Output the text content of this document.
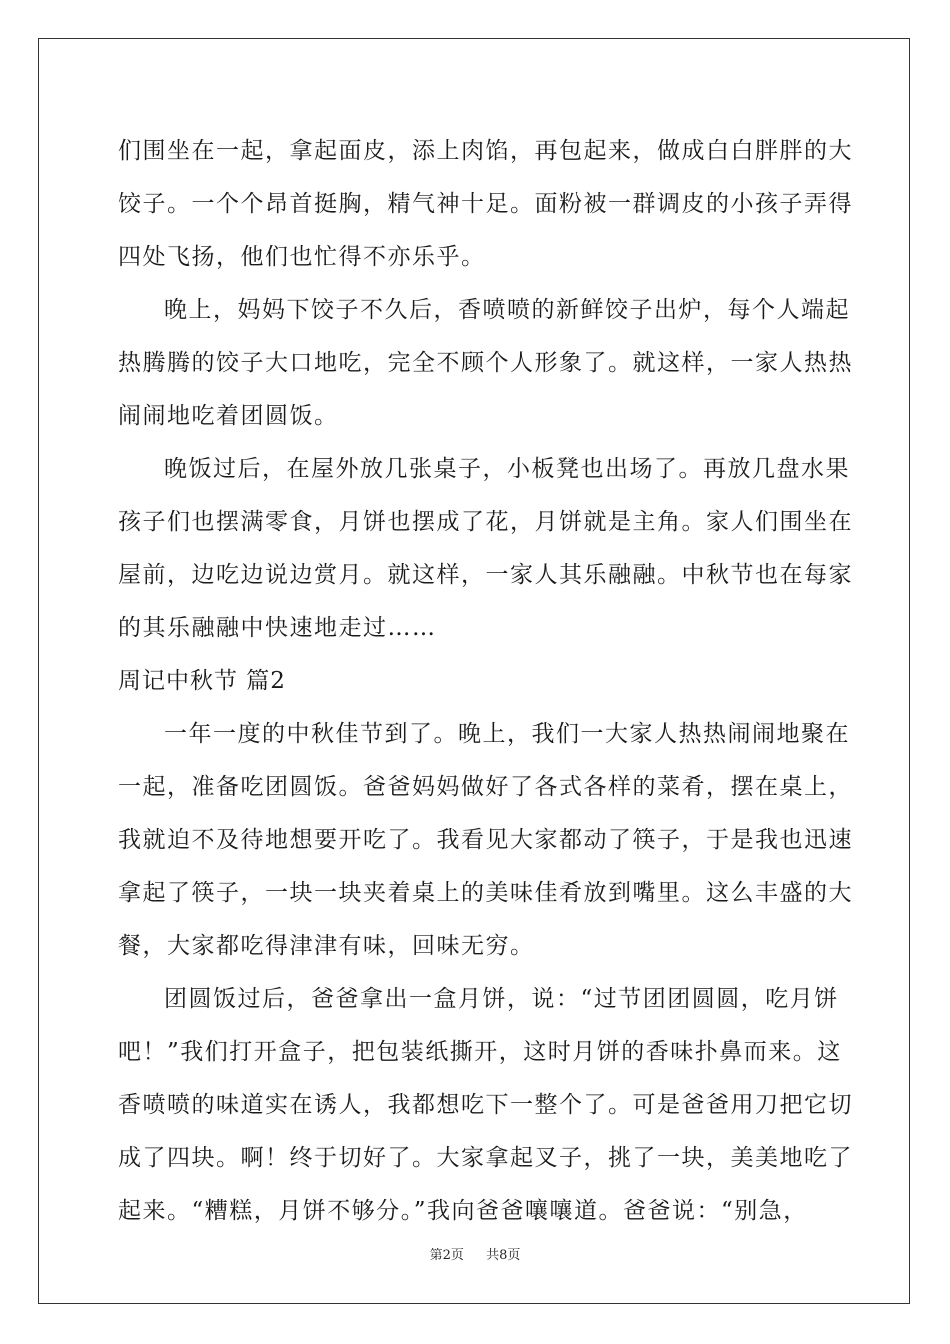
们围坐在一起，拿起面皮，添上肉馅，再包起来，做成白白胖胖的大
饺子。一个个昂首挺胸，精气神十足。面粉被一群调皮的小孩子弄得
四处飞扬，他们也忙得不亦乐乎。
晚上，妈妈下饺子不久后，香喷喷的新鲜饺子出炉，每个人端起
热腾腾的饺子大口地吃，完全不顾个人形象了。就这样，一家人热热
闹闹地吃着团圆饭。
晚饭过后，在屋外放几张桌子，小板凳也出场了。再放几盘水果
孩子们也摆满零食，月饼也摆成了花，月饼就是主角。家人们围坐在
屋前，边吃边说边赏月。就这样，一家人其乐融融。中秋节也在每家
的其乐融融中快速地走过……
周记中秋节 篇2
一年一度的中秋佳节到了。晚上，我们一大家人热热闹闹地聚在
一起，准备吃团圆饭。爸爸妈妈做好了各式各样的菜肴，摆在桌上，
我就迫不及待地想要开吃了。我看见大家都动了筷子，于是我也迅速
拿起了筷子，一块一块夹着桌上的美味佳肴放到嘴里。这么丰盛的大
餐，大家都吃得津津有味，回味无穷。
团圆饭过后，爸爸拿出一盒月饼，说：“过节团团圆圆，吃月饼
吧！”我们打开盒子，把包装纸撕开，这时月饼的香味扑鼻而来。这
香喷喷的味道实在诱人，我都想吃下一整个了。可是爸爸用刀把它切
成了四块。啊！终于切好了。大家拿起叉子，挑了一块，美美地吃了
起来。“糟糕，月饼不够分。”我向爸爸嚷嚷道。爸爸说：“别急，
第2页 共8页
